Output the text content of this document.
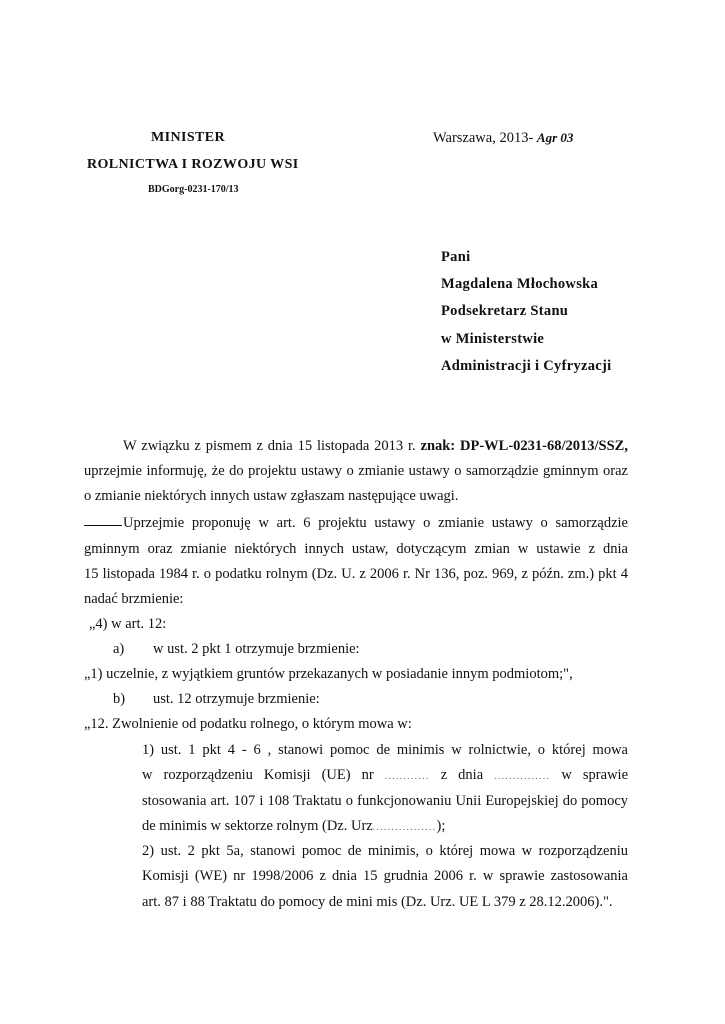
MINISTER
ROLNICTWA I ROZWOJU WSI
BDGorg-0231-170/13
Warszawa, 2013- Agr 03
Pani
Magdalena Młochowska
Podsekretarz Stanu
w Ministerstwie
Administracji i Cyfryzacji
W związku z pismem z dnia 15 listopada 2013 r. znak: DP-WL-0231-68/2013/SSZ,
uprzejmie informuję, że do projektu ustawy o zmianie ustawy o samorządzie gminnym oraz
o zmianie niektórych innych ustaw zgłaszam następujące uwagi.
Uprzejmie proponuję w art. 6 projektu ustawy o zmianie ustawy o samorządzie
gminnym oraz zmianie niektórych innych ustaw, dotyczącym zmian w ustawie z dnia
15 listopada 1984 r. o podatku rolnym (Dz. U. z 2006 r. Nr 136, poz. 969, z późn. zm.) pkt 4
nadać brzmienie:
„4) w art. 12:
a) w ust. 2 pkt 1 otrzymuje brzmienie:
„1) uczelnie, z wyjątkiem gruntów przekazanych w posiadanie innym podmiotom;",
b) ust. 12 otrzymuje brzmienie:
„12. Zwolnienie od podatku rolnego, o którym mowa w:
1) ust. 1 pkt 4 - 6 , stanowi pomoc de minimis w rolnictwie, o której mowa
w rozporządzeniu Komisji (UE) nr ............ z dnia ............... w sprawie
stosowania art. 107 i 108 Traktatu o funkcjonowaniu Unii Europejskiej do pomocy
de minimis w sektorze rolnym (Dz. Urz.................);
2) ust. 2 pkt 5a, stanowi pomoc de minimis, o której mowa w rozporządzeniu
Komisji (WE) nr 1998/2006 z dnia 15 grudnia 2006 r. w sprawie zastosowania
art. 87 i 88 Traktatu do pomocy de mini mis (Dz. Urz. UE L 379 z 28.12.2006).".
